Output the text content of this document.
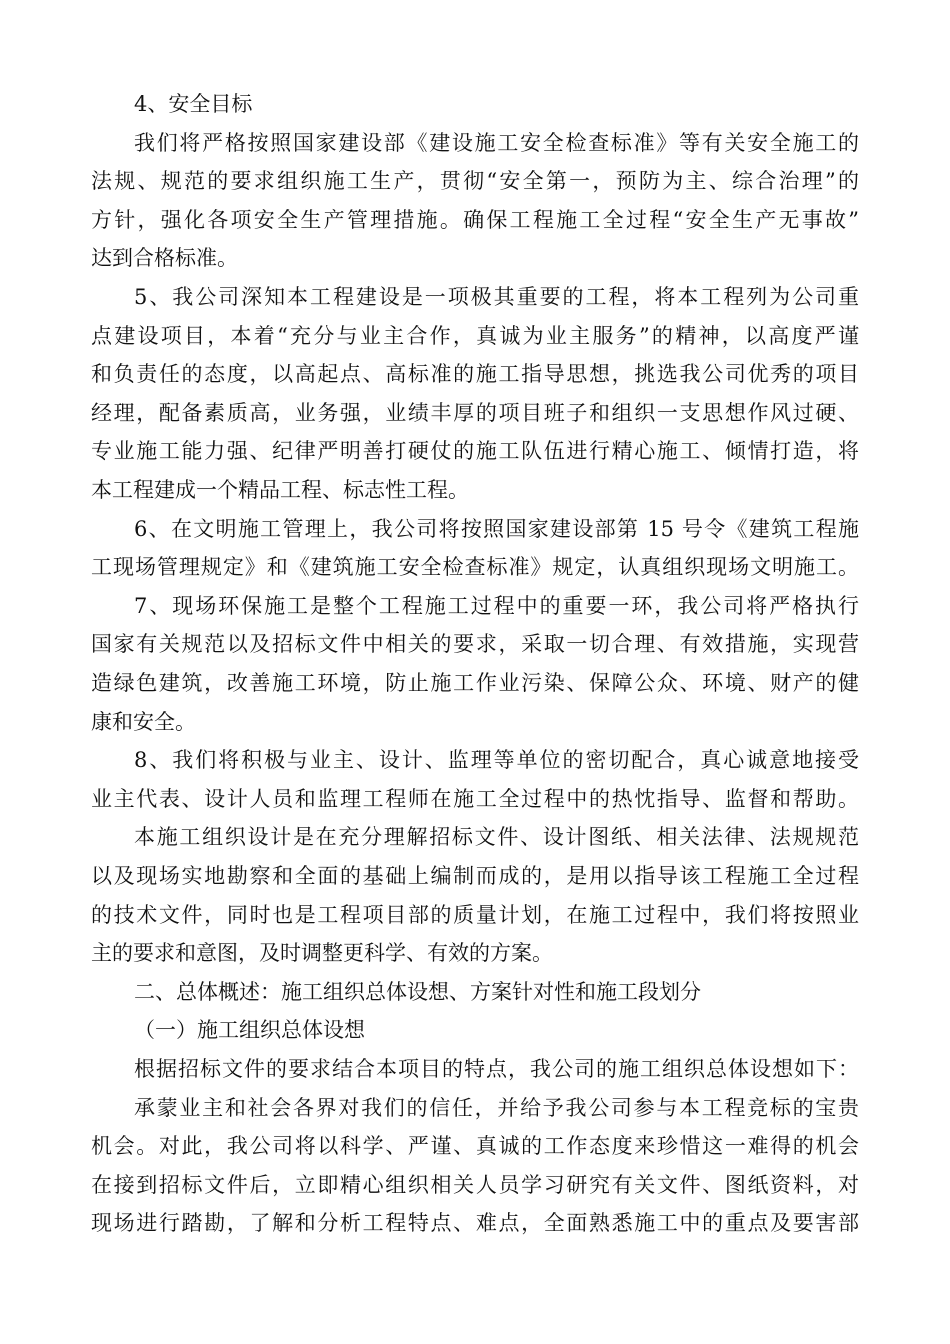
4、安全目标
我们将严格按照国家建设部《建设施工安全检查标准》等有关安全施工的
法规、规范的要求组织施工生产，贯彻“安全第一，预防为主、综合治理”的
方针，强化各项安全生产管理措施。确保工程施工全过程“安全生产无事故”
达到合格标准。
5、我公司深知本工程建设是一项极其重要的工程，将本工程列为公司重
点建设项目，本着“充分与业主合作，真诚为业主服务”的精神，以高度严谨
和负责任的态度，以高起点、高标准的施工指导思想，挑选我公司优秀的项目
经理，配备素质高，业务强，业绩丰厚的项目班子和组织一支思想作风过硬、
专业施工能力强、纪律严明善打硬仗的施工队伍进行精心施工、倾情打造，将
本工程建成一个精品工程、标志性工程。
6、在文明施工管理上，我公司将按照国家建设部第 15 号令《建筑工程施
工现场管理规定》和《建筑施工安全检查标准》规定，认真组织现场文明施工。
7、现场环保施工是整个工程施工过程中的重要一环，我公司将严格执行
国家有关规范以及招标文件中相关的要求，采取一切合理、有效措施，实现营
造绿色建筑，改善施工环境，防止施工作业污染、保障公众、环境、财产的健
康和安全。
8、我们将积极与业主、设计、监理等单位的密切配合，真心诚意地接受
业主代表、设计人员和监理工程师在施工全过程中的热忱指导、监督和帮助。
本施工组织设计是在充分理解招标文件、设计图纸、相关法律、法规规范
以及现场实地勘察和全面的基础上编制而成的，是用以指导该工程施工全过程
的技术文件，同时也是工程项目部的质量计划，在施工过程中，我们将按照业
主的要求和意图，及时调整更科学、有效的方案。
二、总体概述：施工组织总体设想、方案针对性和施工段划分
（一）施工组织总体设想
根据招标文件的要求结合本项目的特点，我公司的施工组织总体设想如下：
承蒙业主和社会各界对我们的信任，并给予我公司参与本工程竞标的宝贵
机会。对此，我公司将以科学、严谨、真诚的工作态度来珍惜这一难得的机会
在接到招标文件后，立即精心组织相关人员学习研究有关文件、图纸资料，对
现场进行踏勘，了解和分析工程特点、难点，全面熟悉施工中的重点及要害部
